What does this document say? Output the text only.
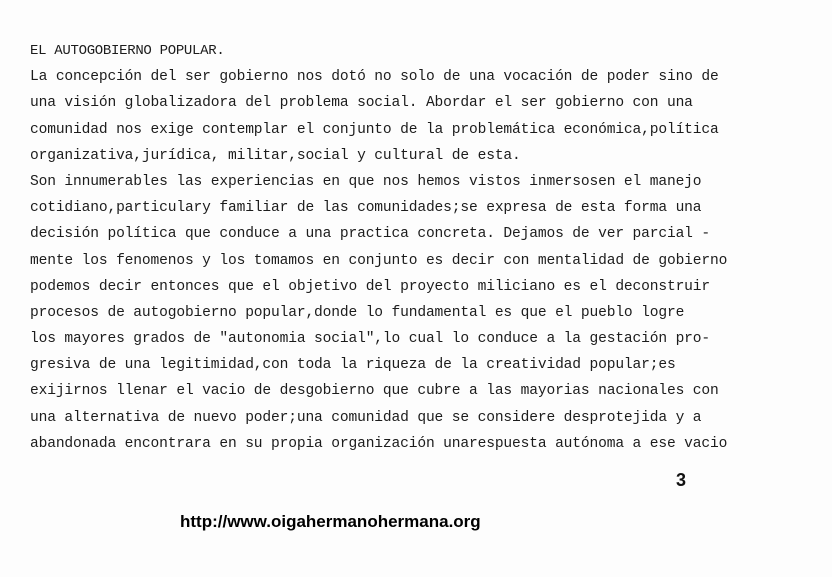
EL AUTOGOBIERNO POPULAR.
La concepción del ser gobierno nos dotó no solo de una vocación de poder sino de
una visión globalizadora del problema social. Abordar el ser gobierno con una
comunidad nos exige contemplar el conjunto de la problemática económica,política
organizativa,jurídica, militar,social y cultural de esta.
Son innumerables las experiencias en que nos hemos vistos inmersosen el manejo
cotidiano,particulary familiar de las comunidades;se expresa de esta forma una
decisión política que conduce a una practica concreta. Dejamos de ver parcial -
mente los fenomenos y los tomamos en conjunto es decir con mentalidad de gobierno
podemos decir entonces que el objetivo del proyecto miliciano es el deconstruir
procesos de autogobierno popular,donde lo fundamental es que el pueblo logre
los mayores grados de "autonomia social",lo cual lo conduce a la gestación pro-
gresiva de una legitimidad,con toda la riqueza de la creatividad popular;es
exijirnos llenar el vacio de desgobierno que cubre a las mayorias nacionales con
una alternativa de nuevo poder;una comunidad que se considere desprotejida y a
abandonada encontrara en su propia organización unarespuesta autónoma a ese vacio
3
http://www.oigahermanohermana.org
